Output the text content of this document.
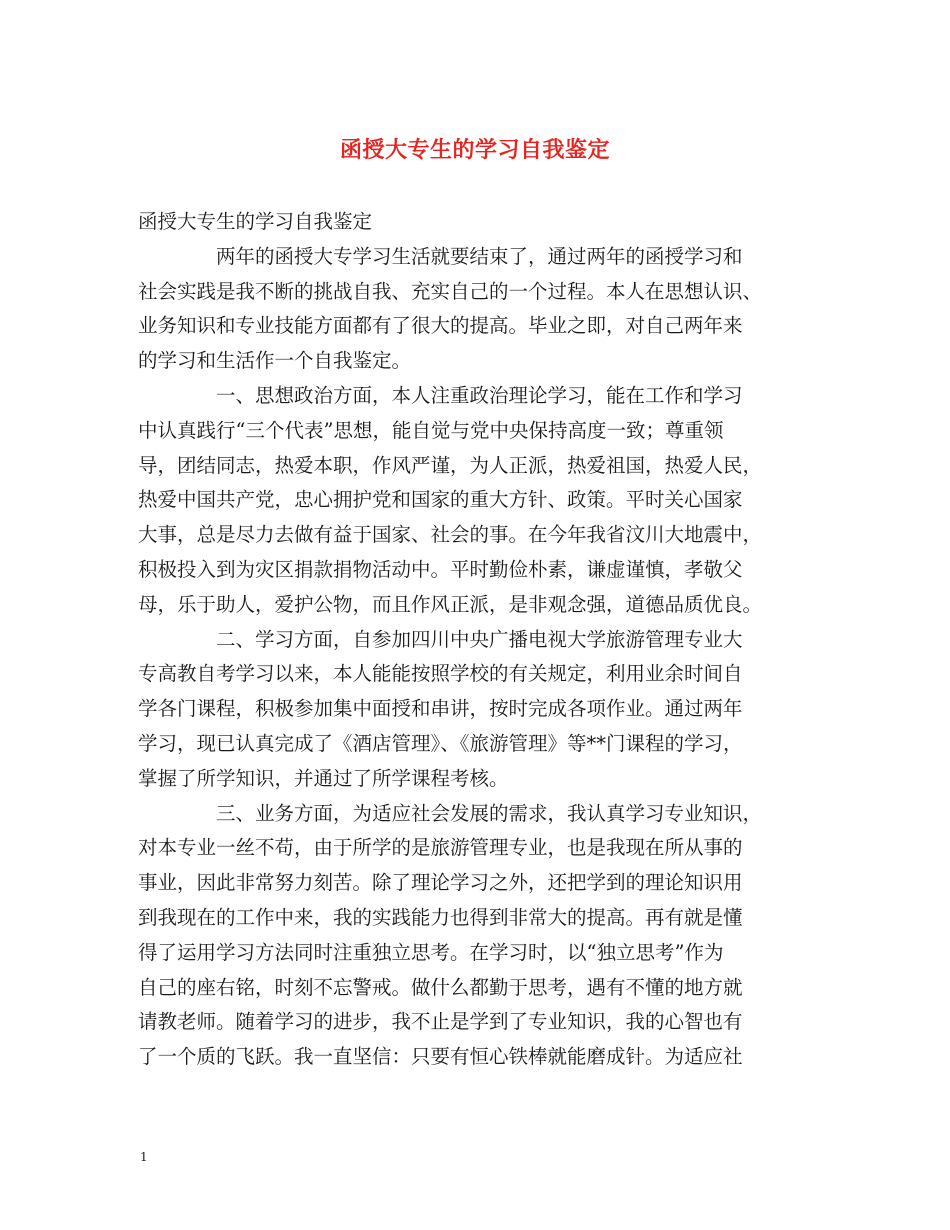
函授大专生的学习自我鉴定
函授大专生的学习自我鉴定
两年的函授大专学习生活就要结束了，通过两年的函授学习和
社会实践是我不断的挑战自我、充实自己的一个过程。本人在思想认识、
业务知识和专业技能方面都有了很大的提高。毕业之即，对自己两年来
的学习和生活作一个自我鉴定。
一、思想政治方面，本人注重政治理论学习，能在工作和学习
中认真践行“三个代表”思想，能自觉与党中央保持高度一致；尊重领
导，团结同志，热爱本职，作风严谨，为人正派，热爱祖国，热爱人民，
热爱中国共产党，忠心拥护党和国家的重大方针、政策。平时关心国家
大事，总是尽力去做有益于国家、社会的事。在今年我省汶川大地震中，
积极投入到为灾区捐款捐物活动中。平时勤俭朴素，谦虚谨慎，孝敬父
母，乐于助人，爱护公物，而且作风正派，是非观念强，道德品质优良。
二、学习方面，自参加四川中央广播电视大学旅游管理专业大
专高教自考学习以来，本人能能按照学校的有关规定，利用业余时间自
学各门课程，积极参加集中面授和串讲，按时完成各项作业。通过两年
学习，现已认真完成了《酒店管理》、《旅游管理》等**门课程的学习，
掌握了所学知识，并通过了所学课程考核。
三、业务方面，为适应社会发展的需求，我认真学习专业知识，
对本专业一丝不苟，由于所学的是旅游管理专业，也是我现在所从事的
事业，因此非常努力刻苦。除了理论学习之外，还把学到的理论知识用
到我现在的工作中来，我的实践能力也得到非常大的提高。再有就是懂
得了运用学习方法同时注重独立思考。在学习时，以“独立思考”作为
自己的座右铭，时刻不忘警戒。做什么都勤于思考，遇有不懂的地方就
请教老师。随着学习的进步，我不止是学到了专业知识，我的心智也有
了一个质的飞跃。我一直坚信：只要有恒心铁棒就能磨成针。为适应社
1
